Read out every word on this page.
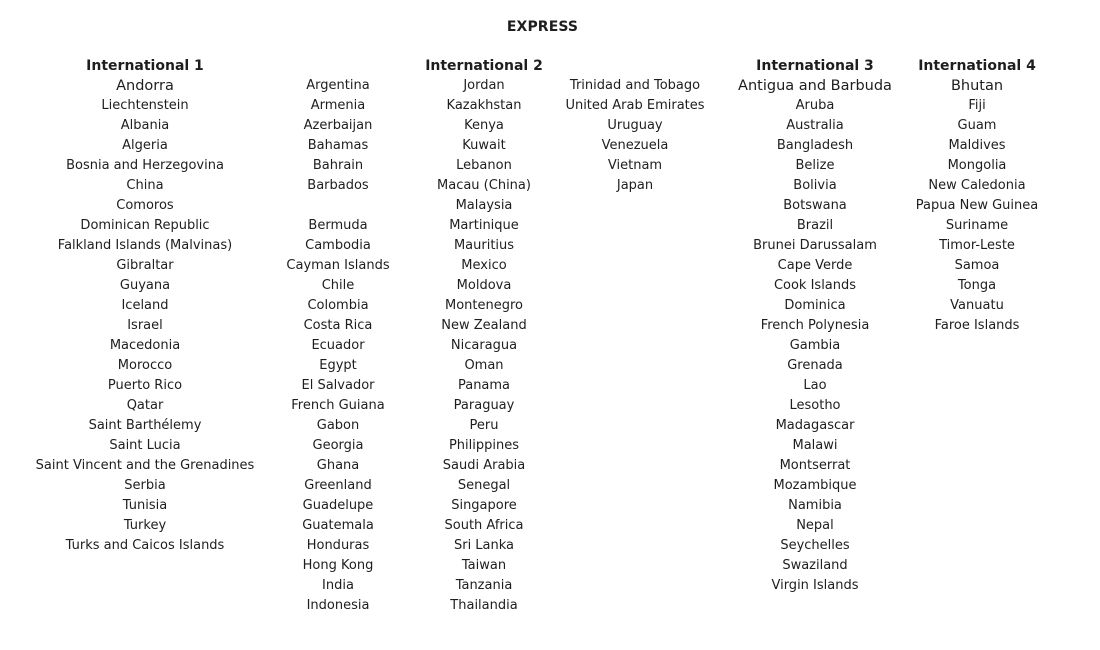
EXPRESS
International 1
Andorra
Liechtenstein
Albania
Algeria
Bosnia and Herzegovina
China
Comoros
Dominican Republic
Falkland Islands (Malvinas)
Gibraltar
Guyana
Iceland
Israel
Macedonia
Morocco
Puerto Rico
Qatar
Saint Barthélemy
Saint Lucia
Saint Vincent and the Grenadines
Serbia
Tunisia
Turkey
Turks and Caicos Islands
Argentina
Armenia
Azerbaijan
Bahamas
Bahrain
Barbados
Bermuda
Cambodia
Cayman Islands
Chile
Colombia
Costa Rica
Ecuador
Egypt
El Salvador
French Guiana
Gabon
Georgia
Ghana
Greenland
Guadelupe
Guatemala
Honduras
Hong Kong
India
Indonesia
International 2
Jordan
Kazakhstan
Kenya
Kuwait
Lebanon
Macau (China)
Malaysia
Martinique
Mauritius
Mexico
Moldova
Montenegro
New Zealand
Nicaragua
Oman
Panama
Paraguay
Peru
Philippines
Saudi Arabia
Senegal
Singapore
South Africa
Sri Lanka
Taiwan
Tanzania
Thailandia
Trinidad and Tobago
United Arab Emirates
Uruguay
Venezuela
Vietnam
Japan
International 3
Antigua and Barbuda
Aruba
Australia
Bangladesh
Belize
Bolivia
Botswana
Brazil
Brunei Darussalam
Cape Verde
Cook Islands
Dominica
French Polynesia
Gambia
Grenada
Lao
Lesotho
Madagascar
Malawi
Montserrat
Mozambique
Namibia
Nepal
Seychelles
Swaziland
Virgin Islands
International 4
Bhutan
Fiji
Guam
Maldives
Mongolia
New Caledonia
Papua New Guinea
Suriname
Timor-Leste
Samoa
Tonga
Vanuatu
Faroe Islands
